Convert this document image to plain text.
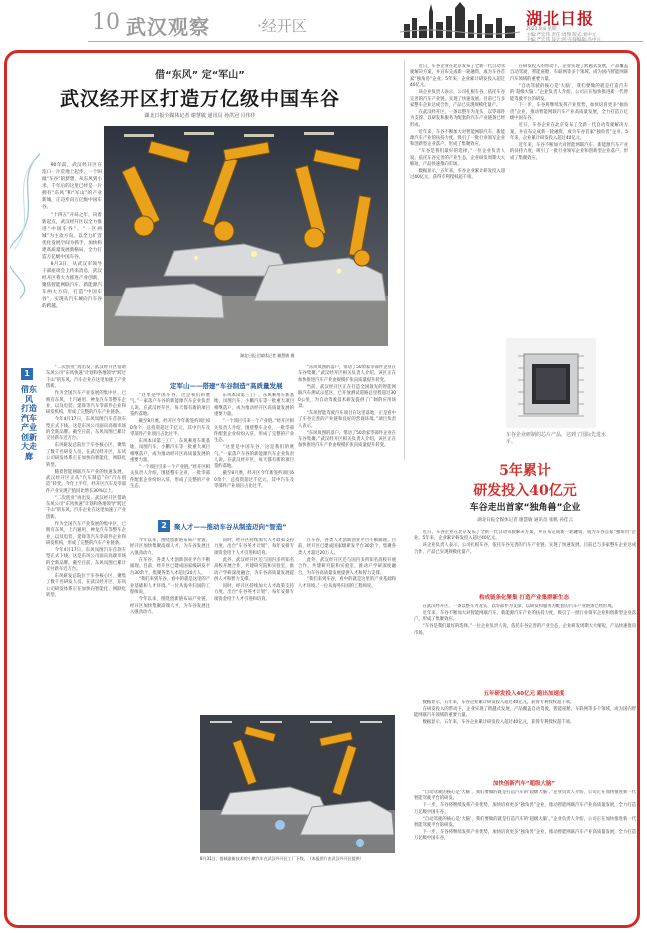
10 武汉观察	·经开区	湖北日报
2021.9.8 星期三
主编:严宏伟 责任:周翔 版式:刘中元
借“东风” 定“军山”
武汉经开区打造万亿级中国车谷
湖北日报全媒体记者 谢慧敏 通讯员 孙洪冠 吕伟佳

90年前，武汉经开区在沌口一片荒地上起步。一个叫做“车谷”的梦想，从东风到小米，千年后的这里已经是一片拥有“东风”和“军山”的产业新城，正迈步向万亿级中国车谷。

“十四五”开局之年，向着新起点，武汉经开区以全力推进“中国车谷”、“一区两城”为主攻方向，以全力扩容优化发展空间为抓手，加快构建高质量发展新格局，全力打造万亿级中国车谷。

9月3日，从武汉市领导干部座谈会上传来消息，武汉经开区将大力推进产业创新，聚焦智能网联汽车、新能源汽车两大方向，打造“中国车谷”，实现从汽车城向汽车谷的跨越。

湖北日报全媒体记者 谢慧敏 摄
1
借东风 打造汽车产业创新大走廊

“二次创业”再出发，武汉经开区借助东风公司“东风快速”计划和各地领导“跨过千山”的东风，汽车企业在这里加速了产业创新。

作为全国汽车产业发展的集中区，已拥有东风、上汽通用、神龙汽车等整车企业，以及电装、延锋等汽车零部件企业和研发机构，形成了完整的汽车产业链条。

今年4月17日，东风岚图汽车首款车型正式下线，这是东风公司面向高端市场的全新品牌。截至目前，东风岚图已累计交付新车近万台。

东风研发总院位于车谷核心区，聚集了数千名研发人员。在武汉经开区，东风公司研发体系正在加快向智能化、网联化转型。

随着智能网联汽车产业的快速发展，武汉经开区正从“汽车制造”向“汽车创造”转变。今年上半年，经开区汽车及零部件产业实现产值同比增长30%以上。

“二次创业”再出发，武汉经开区借助东风公司“东风快速”计划和各地领导“跨过千山”的东风，汽车企业在这里加速了产业创新。

作为全国汽车产业发展的集中区，已拥有东风、上汽通用、神龙汽车等整车企业，以及电装、延锋等汽车零部件企业和研发机构，形成了完整的汽车产业链条。

今年4月17日，东风岚图汽车首款车型正式下线，这是东风公司面向高端市场的全新品牌。截至目前，东风岚图已累计交付新车近万台。

东风研发总院位于车谷核心区，聚集了数千名研发人员。在武汉经开区，东风公司研发体系正在加快向智能化、网联化转型。

定军山——搭建“车谷制造”高质量发展

“这里是中国车谷，这是我们的底气。”一家落户车谷的新能源汽车企业负责人说。在武汉经开区，每天都有新的项目签约落地。

截至8月底，经开区今年新签约项目60余个，总投资超过千亿元，其中汽车及零部件产业项目占比过半。

东风本田第三工厂、东风乘用车新基地、岚图汽车、小鹏汽车等一批重大项目相继落户，成为推动经开区高质量发展的重要力量。

“一个项目引来一个产业链。”经开区相关负责人介绍，围绕整车企业，一批零部件配套企业纷纷入驻，形成了完整的产业生态。

东风本田第三工厂、东风乘用车新基地、岚图汽车、小鹏汽车等一批重大项目相继落户，成为推动经开区高质量发展的重要力量。

“一个项目引来一个产业链。”经开区相关负责人介绍，围绕整车企业，一批零部件配套企业纷纷入驻，形成了完整的产业生态。

“这里是中国车谷，这是我们的底气。”一家落户车谷的新能源汽车企业负责人说。在武汉经开区，每天都有新的项目签约落地。

截至8月底，经开区今年新签约项目60余个，总投资超过千亿元，其中汽车及零部件产业项目占比过半。

“东风岚图的落户，带动了50余家零部件企业在车谷集聚。”武汉经开区相关负责人介绍，该区正在加快推进汽车产业由规模扩张向质量提升转变。

当前，武汉经开区正在打造全国领先的智能网联汽车测试示范区，已开放测试道路总里程超过300公里，为自动驾驶技术研发提供了广阔的应用场景。

“东风智能驾驶汽车项目在这里落地，正是看中了车谷完善的产业链和良好的营商环境。”项目负责人表示。

“东风岚图的落户，带动了50余家零部件企业在车谷集聚。”武汉经开区相关负责人介绍，该区正在加快推进汽车产业由规模扩张向质量提升转变。

2	聚人才——推动车谷从制造迈向“智造”

今年以来，围绕创新链布局产业链，经开区加快集聚高端人才，为车谷发展注入强劲动力。

在车谷，各类人才创新创业平台不断涌现。目前，经开区已建成国家级研发平台30余个，集聚各类人才超过20万人。

“我们来到车谷，看中的就是这里的产业基础和人才环境。”一位从海外归国的工程师说。

今年以来，围绕创新链布局产业链，经开区加快集聚高端人才，为车谷发展注入强劲动力。

同时，经开区持续加大人才政策支持力度，出台“车谷英才计划”，每年安排专项资金用于人才引进和培育。

此外，武汉经开区还与国内多所知名高校开展合作，共建研究院和实验室，推动产学研深度融合，为车谷高质量发展提供人才和智力支撑。

同时，经开区持续加大人才政策支持力度，出台“车谷英才计划”，每年安排专项资金用于人才引进和培育。

在车谷，各类人才创新创业平台不断涌现。目前，经开区已建成国家级研发平台30余个，集聚各类人才超过20万人。

此外，武汉经开区还与国内多所知名高校开展合作，共建研究院和实验室，推动产学研深度融合，为车谷高质量发展提供人才和智力支撑。

“我们来到车谷，看中的就是这里的产业基础和人才环境。”一位从海外归国的工程师说。

8月31日，搭载最新技术的小鹏汽车在武汉经开区工厂下线。（本报图片由武汉经开区提供）

近日，车谷企业在北京发布了全新一代自动驾驶解决方案，并宣布完成新一轮融资，成为车谷首家“独角兽”企业。5年来，企业累计研发投入超过40亿元。

该企业负责人表示，公司扎根车谷，依托车谷完善的汽车产业链，实现了快速发展。目前已与多家整车企业达成合作，产品已实现规模化量产。

在武汉经开区，一条以整车为龙头、以零部件为支撑、以研发和服务为配套的汽车产业链条已经形成。

近年来，车谷不断加大对智能网联汽车、新能源汽车产业的扶持力度，吸引了一批行业领军企业和创新型企业落户，形成了集聚效应。

“车谷是我们最好的选择。”一位企业负责人说。依托车谷完善的产业生态，企业研发周期大大缩短，产品快速推向市场。

数据显示，五年来，车谷企业累计研发投入超过40亿元，获得专利授权超千项。

在研发投入的带动下，企业实现了跨越式发展，产品覆盖自动驾驶、智能座舱、车联网等多个领域，成为国内智能网联汽车领域的重要力量。

“自动驾驶的核心是‘大脑’，我们要做的就是打造汽车的‘超级大脑’。”企业负责人介绍，公司正在加快推进新一代智能驾驶平台的研发。

下一步，车谷将继续发挥产业优势，加快培育更多“独角兽”企业，推动智能网联汽车产业高质量发展，全力打造万亿级中国车谷。

近日，车谷企业在北京发布了全新一代自动驾驶解决方案，并宣布完成新一轮融资，成为车谷首家“独角兽”企业。5年来，企业累计研发投入超过40亿元。

近年来，车谷不断加大对智能网联汽车、新能源汽车产业的扶持力度，吸引了一批行业领军企业和创新型企业落户，形成了集聚效应。

车谷企业研制的芯片产品，达到了国际先进水平。
5年累计
研发投入40亿元
车谷走出首家“独角兽”企业
湖北日报全媒体记者 谢慧敏 通讯员 张帆 孙佳云

近日，车谷企业在北京发布了全新一代自动驾驶解决方案，并宣布完成新一轮融资，成为车谷首家“独角兽”企业。5年来，企业累计研发投入超过40亿元。

该企业负责人表示，公司扎根车谷，依托车谷完善的汽车产业链，实现了快速发展。目前已与多家整车企业达成合作，产品已实现规模化量产。

构成链条化聚集 打造产业集群新生态

在武汉经开区，一条以整车为龙头、以零部件为支撑、以研发和服务为配套的汽车产业链条已经形成。

近年来，车谷不断加大对智能网联汽车、新能源汽车产业的扶持力度，吸引了一批行业领军企业和创新型企业落户，形成了集聚效应。

“车谷是我们最好的选择。”一位企业负责人说。依托车谷完善的产业生态，企业研发周期大大缩短，产品快速推向市场。

五年研发投入40亿元 跑出加速度

数据显示，五年来，车谷企业累计研发投入超过40亿元，获得专利授权超千项。

在研发投入的带动下，企业实现了跨越式发展，产品覆盖自动驾驶、智能座舱、车联网等多个领域，成为国内智能网联汽车领域的重要力量。

数据显示，五年来，车谷企业累计研发投入超过40亿元，获得专利授权超千项。

加快创新汽车“超级大脑”

“自动驾驶的核心是‘大脑’，我们要做的就是打造汽车的‘超级大脑’。”企业负责人介绍，公司正在加快推进新一代智能驾驶平台的研发。

下一步，车谷将继续发挥产业优势，加快培育更多“独角兽”企业，推动智能网联汽车产业高质量发展，全力打造万亿级中国车谷。

“自动驾驶的核心是‘大脑’，我们要做的就是打造汽车的‘超级大脑’。”企业负责人介绍，公司正在加快推进新一代智能驾驶平台的研发。

下一步，车谷将继续发挥产业优势，加快培育更多“独角兽”企业，推动智能网联汽车产业高质量发展，全力打造万亿级中国车谷。
